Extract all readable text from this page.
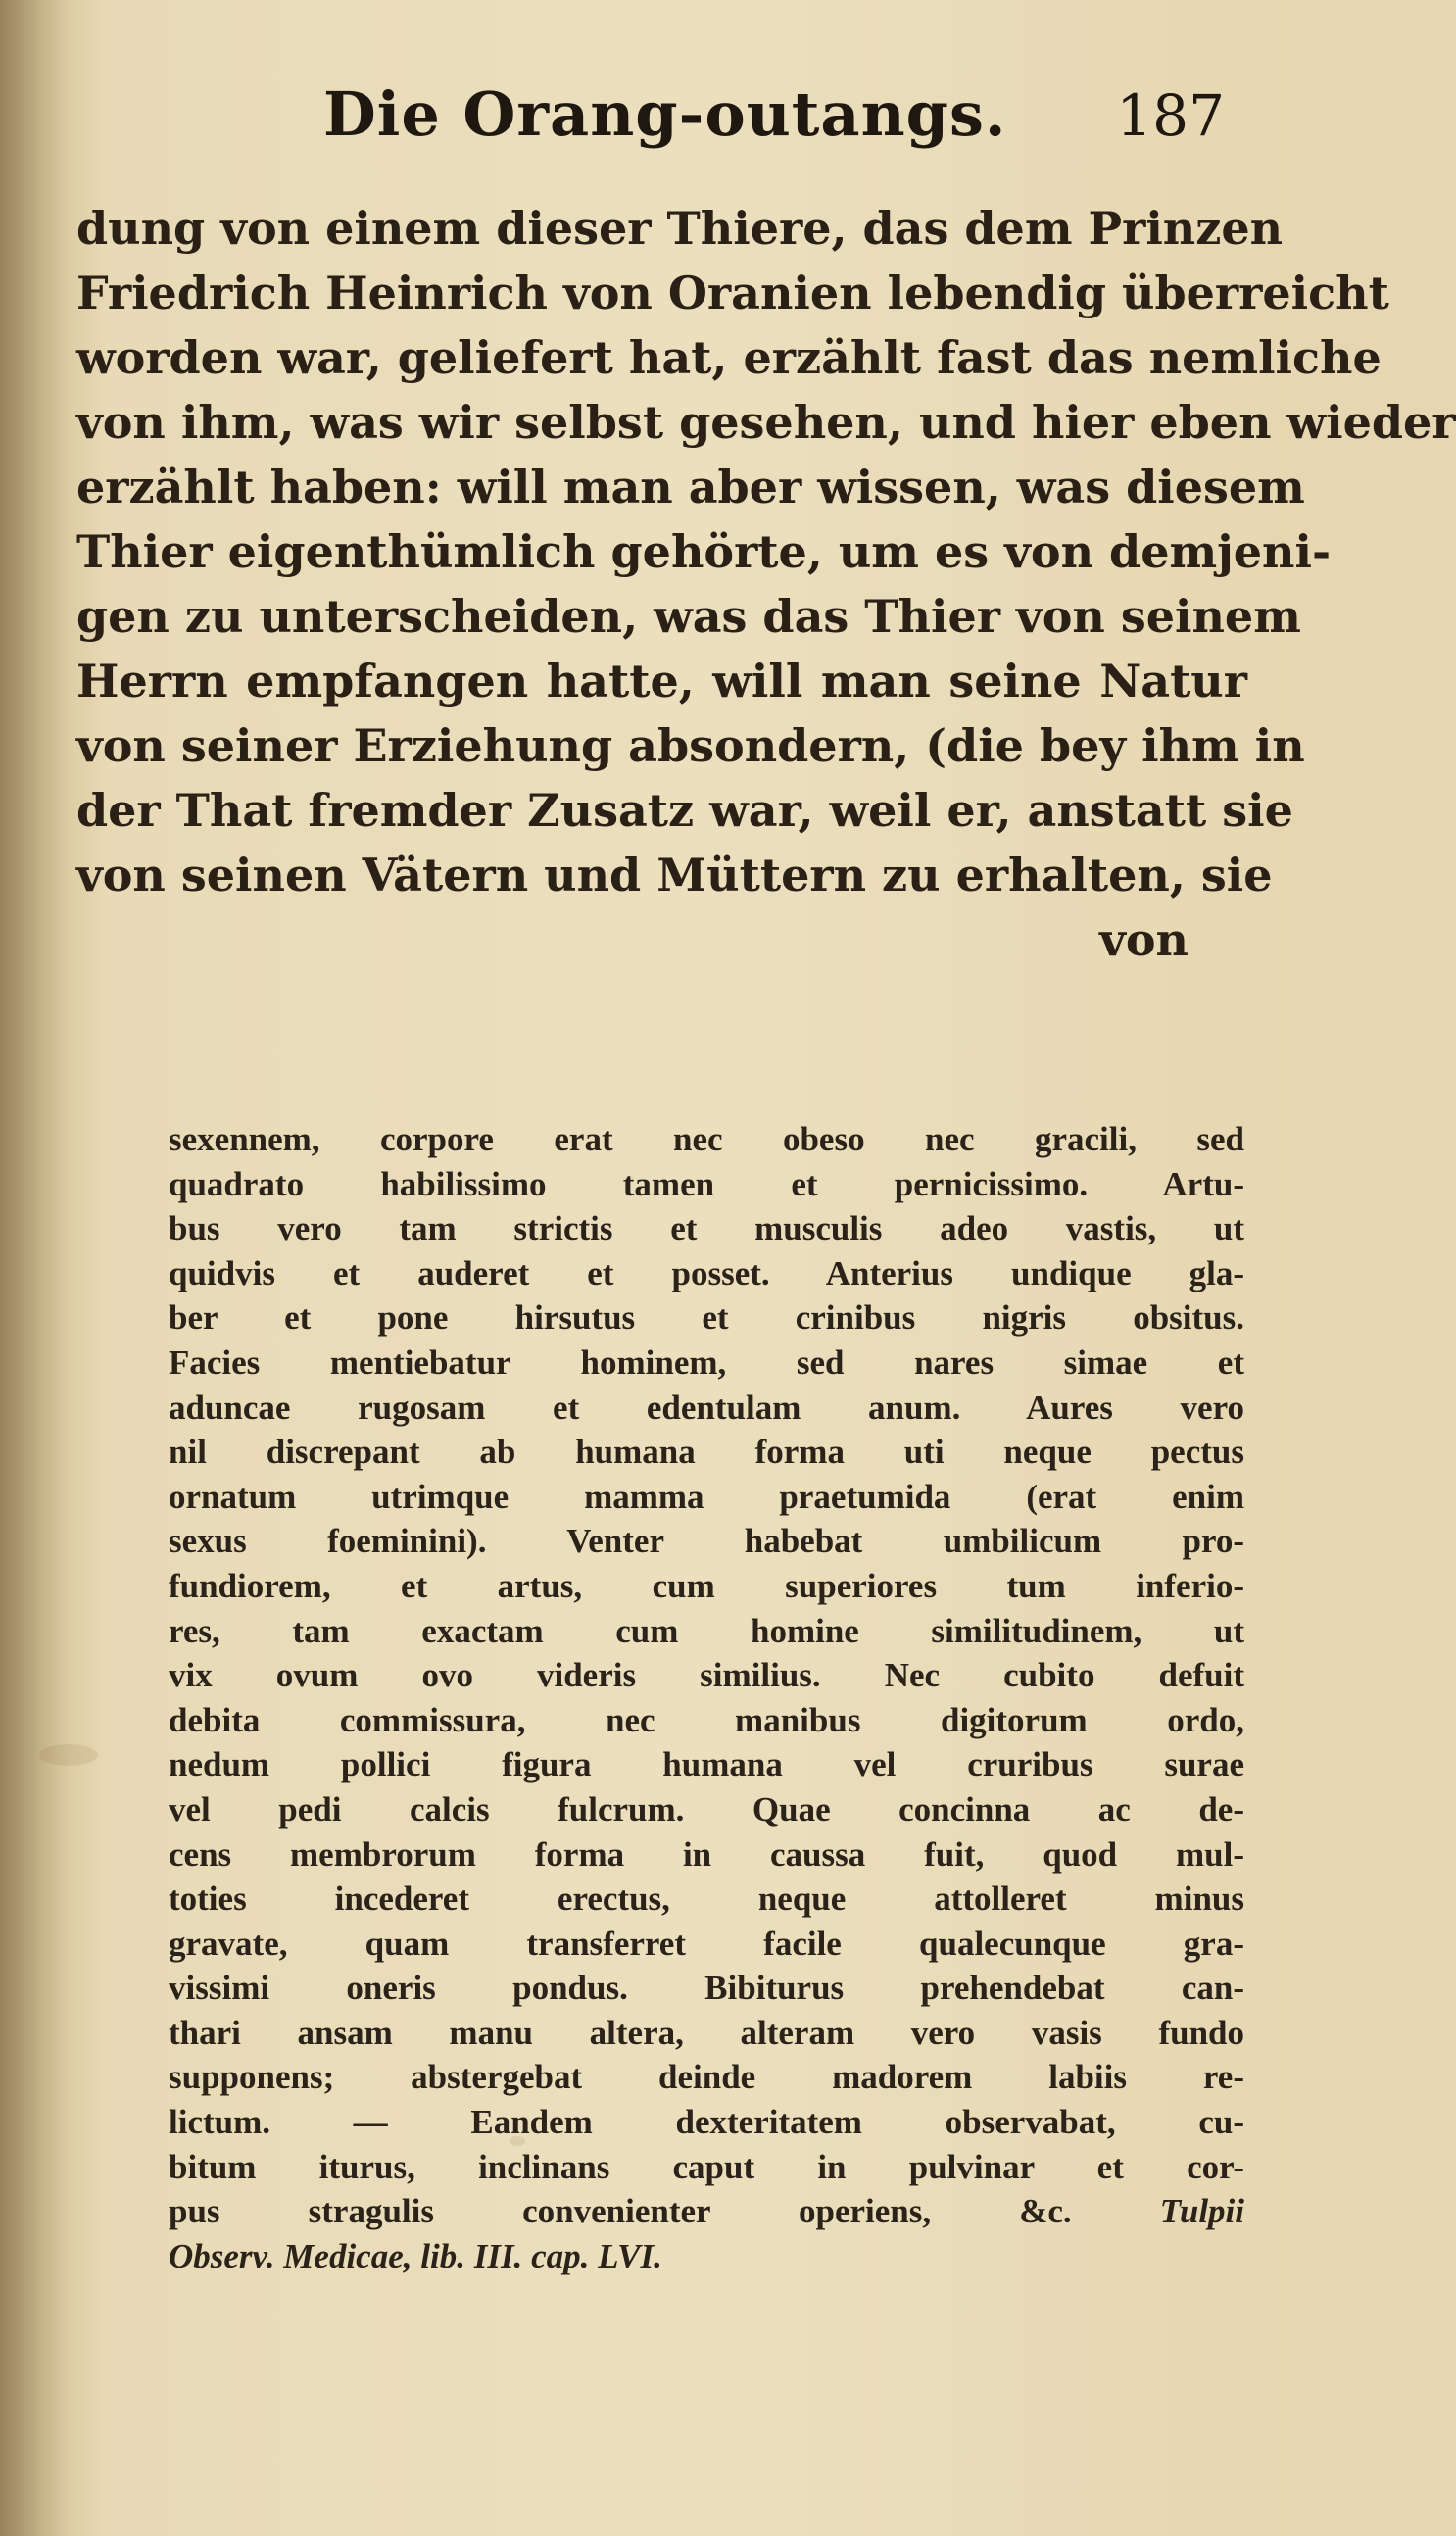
Die Orang-outangs. 187
dung von einem dieser Thiere, das dem Prinzen
Friedrich Heinrich von Oranien lebendig überreicht
worden war, geliefert hat, erzählt fast das nemliche
von ihm, was wir selbst gesehen, und hier eben wieder
erzählt haben: will man aber wissen, was diesem
Thier eigenthümlich gehörte, um es von demjeni-
gen zu unterscheiden, was das Thier von seinem
Herrn empfangen hatte, will man seine Natur
von seiner Erziehung absondern, (die bey ihm in
der That fremder Zusatz war, weil er, anstatt sie
von seinen Vätern und Müttern zu erhalten, sie
von
sexennem, corpore erat nec obeso nec gracili, sed
quadrato habilissimo tamen et pernicissimo. Artu-
bus vero tam strictis et musculis adeo vastis, ut
quidvis et auderet et posset. Anterius undique gla-
ber et pone hirsutus et crinibus nigris obsitus.
Facies mentiebatur hominem, sed nares simae et
aduncae rugosam et edentulam anum. Aures vero
nil discrepant ab humana forma uti neque pectus
ornatum utrimque mamma praetumida (erat enim
sexus foeminini). Venter habebat umbilicum pro-
fundiorem, et artus, cum superiores tum inferio-
res, tam exactam cum homine similitudinem, ut
vix ovum ovo videris similius. Nec cubito defuit
debita commissura, nec manibus digitorum ordo,
nedum pollici figura humana vel cruribus surae
vel pedi calcis fulcrum. Quae concinna ac de-
cens membrorum forma in caussa fuit, quod mul-
toties incederet erectus, neque attolleret minus
gravate, quam transferret facile qualecunque gra-
vissimi oneris pondus. Bibiturus prehendebat can-
thari ansam manu altera, alteram vero vasis fundo
supponens; abstergebat deinde madorem labiis re-
lictum. — Eandem dexteritatem observabat, cu-
bitum iturus, inclinans caput in pulvinar et cor-
pus stragulis convenienter operiens, &c.	Tulpii
Observ. Medicae, lib. III. cap. LVI.
